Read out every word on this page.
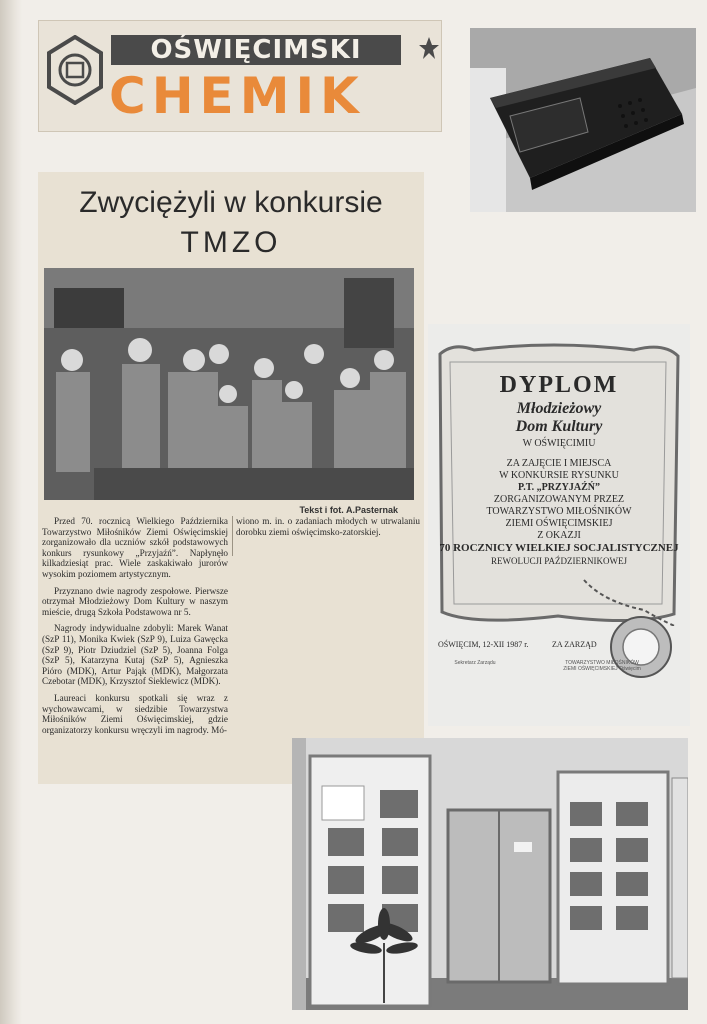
OŚWIĘCIMSKI
CHEMIK
Zwyciężyli w konkursie
TMZO
Tekst i fot. A.Pasternak

Przed 70. rocznicą Wielkiego Października Towarzystwo Miłośników Ziemi Oświęcimskiej zorganizowało dla uczniów szkół podstawowych konkurs rysunkowy „Przyjaźń”. Napłynęło kilkadziesiąt prac. Wiele zaskakiwało jurorów wysokim poziomem artystycznym.

Przyznano dwie nagrody zespołowe. Pierwsze otrzymał Młodzieżowy Dom Kultury w naszym mieście, drugą Szkoła Podstawowa nr 5.

Nagrody indywidualne zdobyli: Marek Wanat (SzP 11), Monika Kwiek (SzP 9), Luiza Gawęcka (SzP 9), Piotr Dziudziel (SzP 5), Joanna Folga (SzP 5), Katarzyna Kutaj (SzP 5), Agnieszka Pióro (MDK), Artur Pająk (MDK), Małgorzata Czebotar (MDK), Krzysztof Sieklewicz (MDK).

Laureaci konkursu spotkali się wraz z wychowawcami, w siedzibie Towarzystwa Miłośników Ziemi Oświęcimskiej, gdzie organizatorzy konkursu wręczyli im nagrody. Mó-

wiono m. in. o zadaniach młodych w utrwalaniu dorobku ziemi oświęcimsko-zatorskiej.

DYPLOM
Młodzieżowy
Dom Kultury
W OŚWIĘCIMIU
ZA ZAJĘCIE I MIEJSCA
W KONKURSIE RYSUNKU
P.T. „PRZYJAŹŃ”
ZORGANIZOWANYM PRZEZ
TOWARZYSTWO MIŁOŚNIKÓW
ZIEMI OŚWIĘCIMSKIEJ
Z OKAZJI
70 ROCZNICY WIELKIEJ SOCJALISTYCZNEJ
REWOLUCJI PAŹDZIERNIKOWEJ
OŚWIĘCIM, 12-XII 1987 r.	ZA ZARZĄD
Sekretarz Zarządu	TOWARZYSTWO MIŁOŚNIKÓW ZIEMI OŚWIĘCIMSKIEJ Oświęcim
